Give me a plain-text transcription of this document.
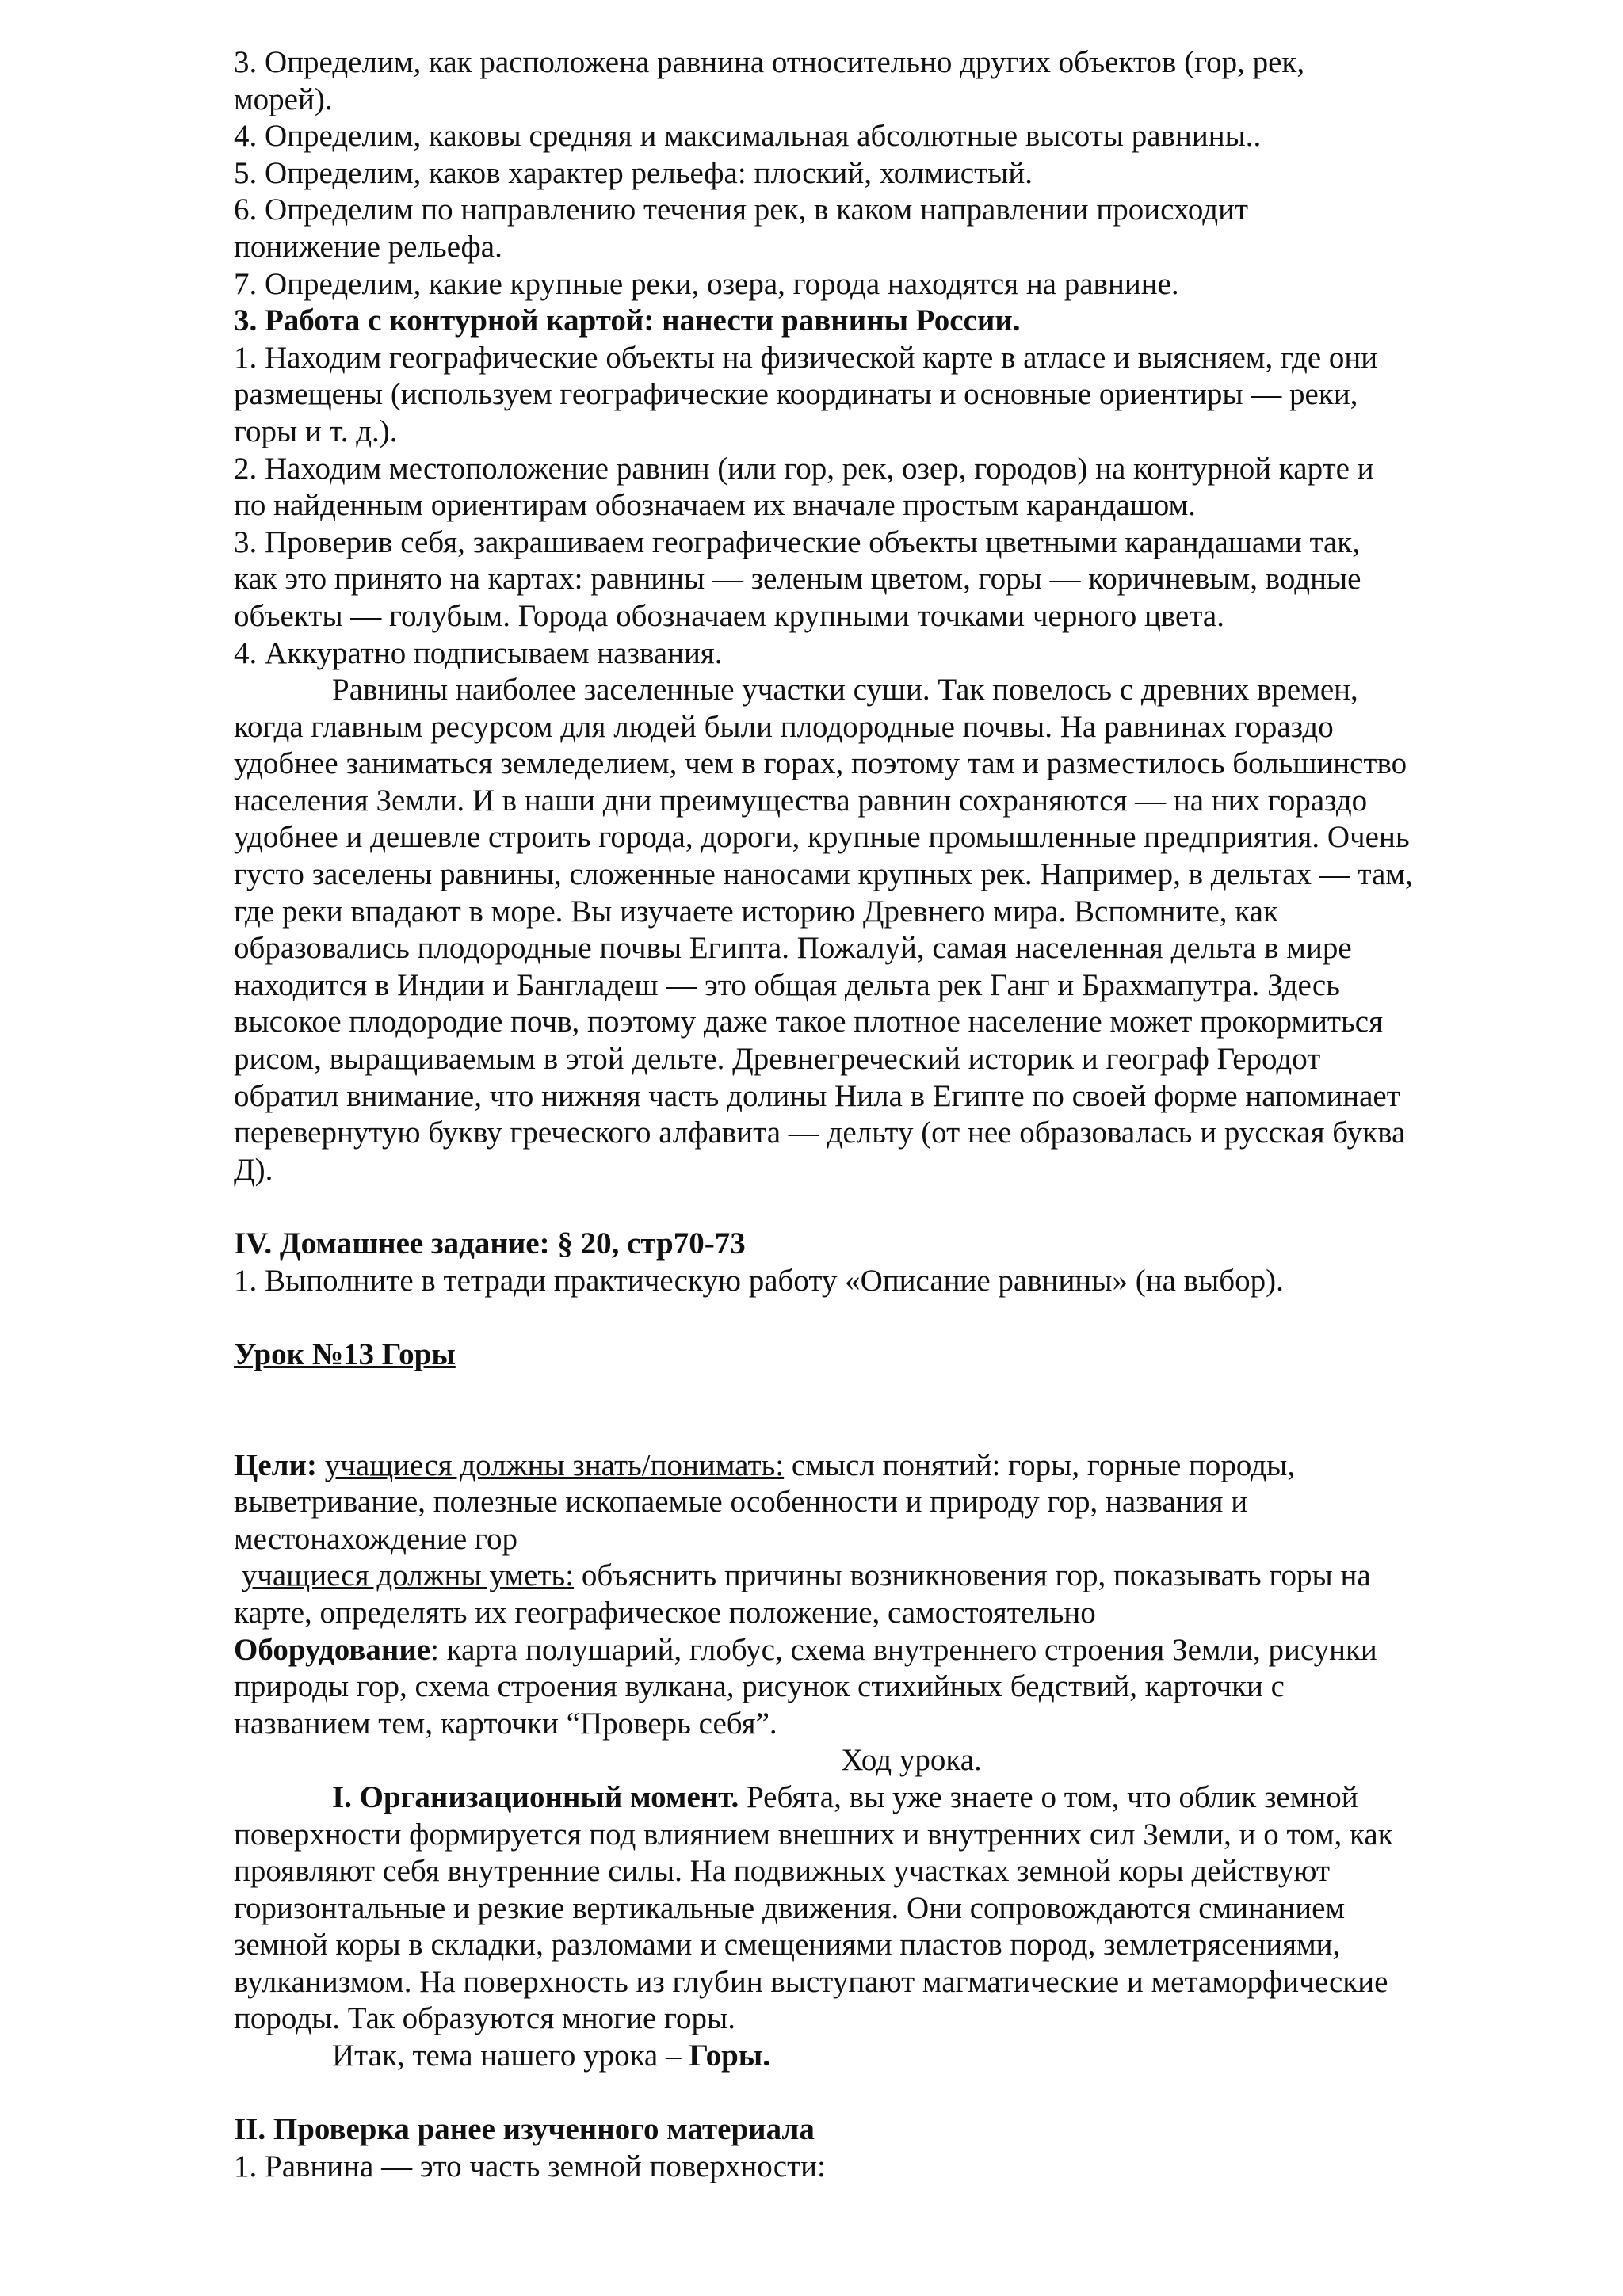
3. Определим, как расположена равнина относительно других объектов (гор, рек,
морей).
4. Определим, каковы средняя и максимальная абсолютные высоты равнины..
5. Определим, каков характер рельефа: плоский, холмистый.
6. Определим по направлению течения рек, в каком направлении происходит
понижение рельефа.
7. Определим, какие крупные реки, озера, города находятся на равнине.
3. Работа с контурной картой: нанести равнины России.
1. Находим географические объекты на физической карте в атласе и выясняем, где они
размещены (используем географические координаты и основные ориентиры — реки,
горы и т. д.).
2. Находим местоположение равнин (или гор, рек, озер, городов) на контурной карте и
по найденным ориентирам обозначаем их вначале простым карандашом.
3. Проверив себя, закрашиваем географические объекты цветными карандашами так,
как это принято на картах: равнины — зеленым цветом, горы — коричневым, водные
объекты — голубым. Города обозначаем крупными точками черного цвета.
4. Аккуратно подписываем названия.
Равнины наиболее заселенные участки суши. Так повелось с древних времен,
когда главным ресурсом для людей были плодородные почвы. На равнинах гораздо
удобнее заниматься земледелием, чем в горах, поэтому там и разместилось большинство
населения Земли. И в наши дни преимущества равнин сохраняются — на них гораздо
удобнее и дешевле строить города, дороги, крупные промышленные предприятия. Очень
густо заселены равнины, сложенные наносами крупных рек. Например, в дельтах — там,
где реки впадают в море. Вы изучаете историю Древнего мира. Вспомните, как
образовались плодородные почвы Египта. Пожалуй, самая населенная дельта в мире
находится в Индии и Бангладеш — это общая дельта рек Ганг и Брахмапутра. Здесь
высокое плодородие почв, поэтому даже такое плотное население может прокормиться
рисом, выращиваемым в этой дельте. Древнегреческий историк и географ Геродот
обратил внимание, что нижняя часть долины Нила в Египте по своей форме напоминает
перевернутую букву греческого алфавита — дельту (от нее образовалась и русская буква
Д).
IV. Домашнее задание: § 20, стр70-73
1. Выполните в тетради практическую работу «Описание равнины» (на выбор).
Урок №13 Горы
Цели: учащиеся должны знать/понимать: смысл понятий: горы, горные породы,
выветривание, полезные ископаемые особенности и природу гор, названия и
местонахождение гор
учащиеся должны уметь: объяснить причины возникновения гор, показывать горы на
карте, определять их географическое положение, самостоятельно
Оборудование: карта полушарий, глобус, схема внутреннего строения Земли, рисунки
природы гор, схема строения вулкана, рисунок стихийных бедствий, карточки с
названием тем, карточки “Проверь себя”.
Ход урока.
I. Организационный момент. Ребята, вы уже знаете о том, что облик земной
поверхности формируется под влиянием внешних и внутренних сил Земли, и о том, как
проявляют себя внутренние силы. На подвижных участках земной коры действуют
горизонтальные и резкие вертикальные движения. Они сопровождаются сминанием
земной коры в складки, разломами и смещениями пластов пород, землетрясениями,
вулканизмом. На поверхность из глубин выступают магматические и метаморфические
породы. Так образуются многие горы.
Итак, тема нашего урока – Горы.
II. Проверка ранее изученного материала
1. Равнина — это часть земной поверхности:
